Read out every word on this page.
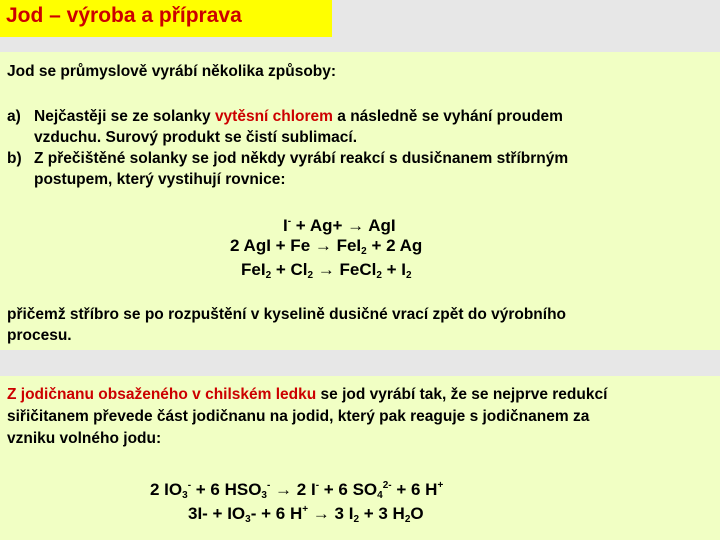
Jod – výroba a příprava
Jod se průmyslově vyrábí několika způsoby:
a) Nejčastěji se ze solanky vytěsní chlorem a následně se vyhání proudem
vzduchu. Surový produkt se čistí sublimací.
b) Z přečištěné solanky se jod někdy vyrábí reakcí s dusičnanem stříbrným
postupem, který vystihují rovnice:
I- + Ag+ → AgI
2 AgI + Fe → FeI$_2$ + 2 Ag
$FeI_2 + Cl_2$ → FeCl$_2$ + $I_2$
přičemž stříbro se po rozpuštění v kyselině dusičné vrací zpět do výrobního
procesu.
Z jodičnanu obsaženého v chilském ledku se jod vyrábí tak, že se nejprve redukcí
siřičitanem převede část jodičnanu na jodid, který pak reaguje s jodičnanem za
vzniku volného jodu:
2 $IO_3^- + 6$ $HSO_3^- \to 2$ I- + 6 $SO_4^{2-} + 6$ H+
$3I- + IO_3- + 6$ H+ → 3 $I_2 + 3$ $H_2O$
